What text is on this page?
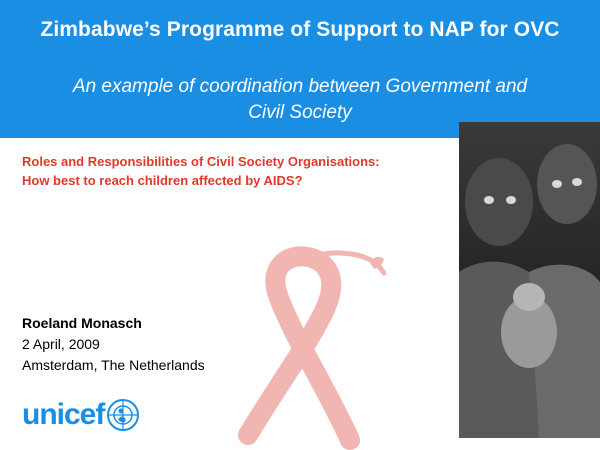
Zimbabwe’s Programme of Support to NAP for OVC
An example of coordination between Government and
Civil Society
Roles and Responsibilities of Civil Society Organisations:
How best to reach children affected by AIDS?
Roeland Monasch
2 April, 2009
Amsterdam, The Netherlands
unicef
